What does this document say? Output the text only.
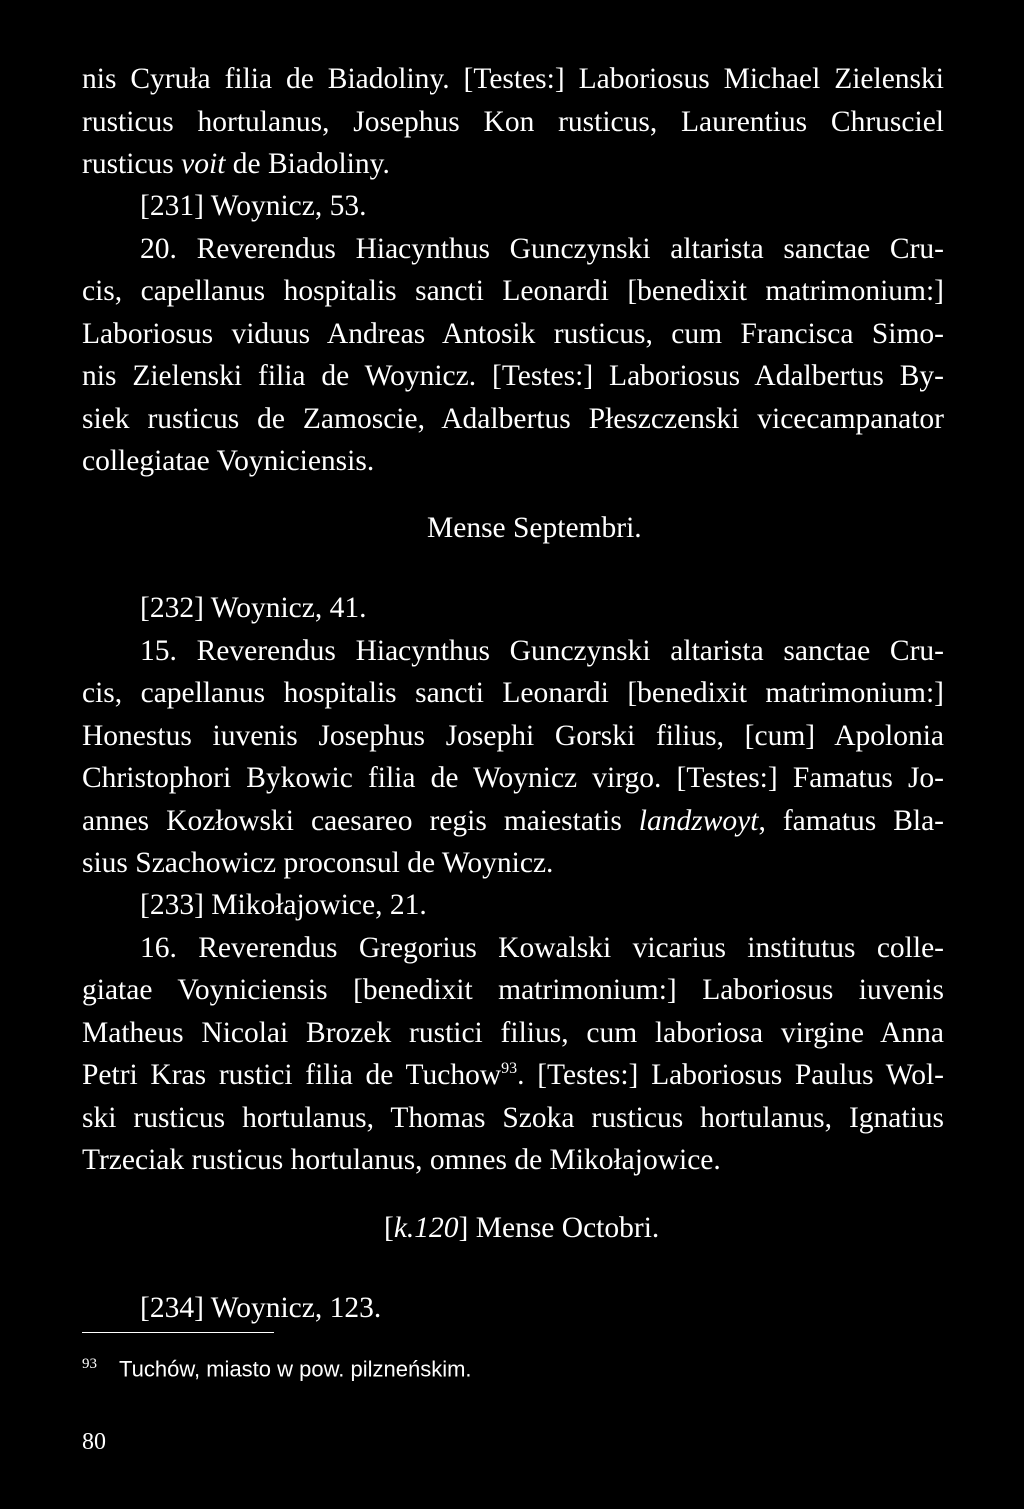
nis Cyruła filia de Biadoliny. [Testes:] Laboriosus Michael Zielenski
rusticus hortulanus, Josephus Kon rusticus, Laurentius Chrusciel
rusticus voit de Biadoliny.
[231] Woynicz, 53.
20. Reverendus Hiacynthus Gunczynski altarista sanctae Cru-
cis, capellanus hospitalis sancti Leonardi [benedixit matrimonium:]
Laboriosus viduus Andreas Antosik rusticus, cum Francisca Simo-
nis Zielenski filia de Woynicz. [Testes:] Laboriosus Adalbertus By-
siek rusticus de Zamoscie, Adalbertus Płeszczenski vicecampanator
collegiatae Voyniciensis.
Mense Septembri.
[232] Woynicz, 41.
15. Reverendus Hiacynthus Gunczynski altarista sanctae Cru-
cis, capellanus hospitalis sancti Leonardi [benedixit matrimonium:]
Honestus iuvenis Josephus Josephi Gorski filius, [cum] Apolonia
Christophori Bykowic filia de Woynicz virgo. [Testes:] Famatus Jo-
annes Kozłowski caesareo regis maiestatis landzwoyt, famatus Bla-
sius Szachowicz proconsul de Woynicz.
[233] Mikołajowice, 21.
16. Reverendus Gregorius Kowalski vicarius institutus colle-
giatae Voyniciensis [benedixit matrimonium:] Laboriosus iuvenis
Matheus Nicolai Brozek rustici filius, cum laboriosa virgine Anna
Petri Kras rustici filia de Tuchow$^{93}$. [Testes:] Laboriosus Paulus Wol-
ski rusticus hortulanus, Thomas Szoka rusticus hortulanus, Ignatius
Trzeciak rusticus hortulanus, omnes de Mikołajowice.
[k.120] Mense Octobri.
[234] Woynicz, 123.
$^{93}$ Tuchów, miasto w pow. pilzneńskim.
80
